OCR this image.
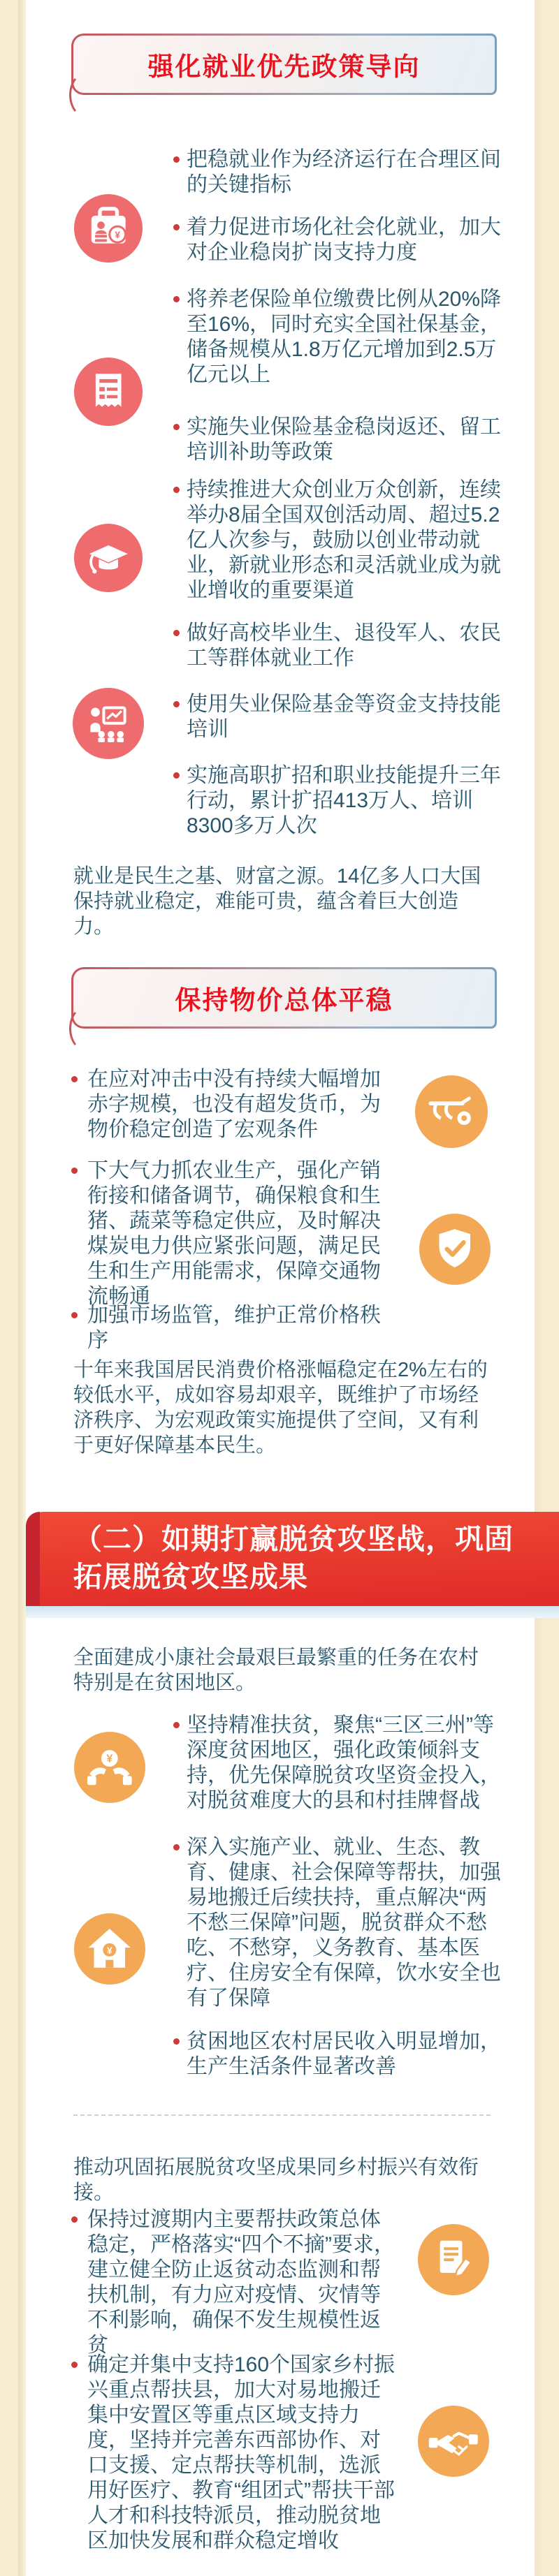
强化就业优先政策导向
把稳就业作为经济运行在合理区间的关键指标
着力促进市场化社会化就业，加大对企业稳岗扩岗支持力度
将养老保险单位缴费比例从20%降至16%，同时充实全国社保基金，储备规模从1.8万亿元增加到2.5万亿元以上
实施失业保险基金稳岗返还、留工培训补助等政策
持续推进大众创业万众创新，连续举办8届全国双创活动周、超过5.2亿人次参与，鼓励以创业带动就业，新就业形态和灵活就业成为就业增收的重要渠道
做好高校毕业生、退役军人、农民工等群体就业工作
使用失业保险基金等资金支持技能培训
实施高职扩招和职业技能提升三年行动，累计扩招413万人、培训8300多万人次
¥
就业是民生之基、财富之源。14亿多人口大国保持就业稳定，难能可贵，蕴含着巨大创造力。
保持物价总体平稳
在应对冲击中没有持续大幅增加赤字规模，也没有超发货币，为物价稳定创造了宏观条件
下大气力抓农业生产，强化产销衔接和储备调节，确保粮食和生猪、蔬菜等稳定供应，及时解决煤炭电力供应紧张问题，满足民生和生产用能需求，保障交通物流畅通
加强市场监管，维护正常价格秩序
十年来我国居民消费价格涨幅稳定在2%左右的较低水平，成如容易却艰辛，既维护了市场经济秩序、为宏观政策实施提供了空间，又有利于更好保障基本民生。
（二）如期打赢脱贫攻坚战，巩固拓展脱贫攻坚成果
全面建成小康社会最艰巨最繁重的任务在农村特别是在贫困地区。
坚持精准扶贫，聚焦“三区三州”等深度贫困地区，强化政策倾斜支持，优先保障脱贫攻坚资金投入，对脱贫难度大的县和村挂牌督战
深入实施产业、就业、生态、教育、健康、社会保障等帮扶，加强易地搬迁后续扶持，重点解决“两不愁三保障”问题，脱贫群众不愁吃、不愁穿，义务教育、基本医疗、住房安全有保障，饮水安全也有了保障
贫困地区农村居民收入明显增加，生产生活条件显著改善
¥
¥
推动巩固拓展脱贫攻坚成果同乡村振兴有效衔接。
保持过渡期内主要帮扶政策总体稳定，严格落实“四个不摘”要求，建立健全防止返贫动态监测和帮扶机制，有力应对疫情、灾情等不利影响，确保不发生规模性返贫
确定并集中支持160个国家乡村振兴重点帮扶县，加大对易地搬迁集中安置区等重点区域支持力度，坚持并完善东西部协作、对口支援、定点帮扶等机制，选派用好医疗、教育“组团式”帮扶干部人才和科技特派员，推动脱贫地区加快发展和群众稳定增收
